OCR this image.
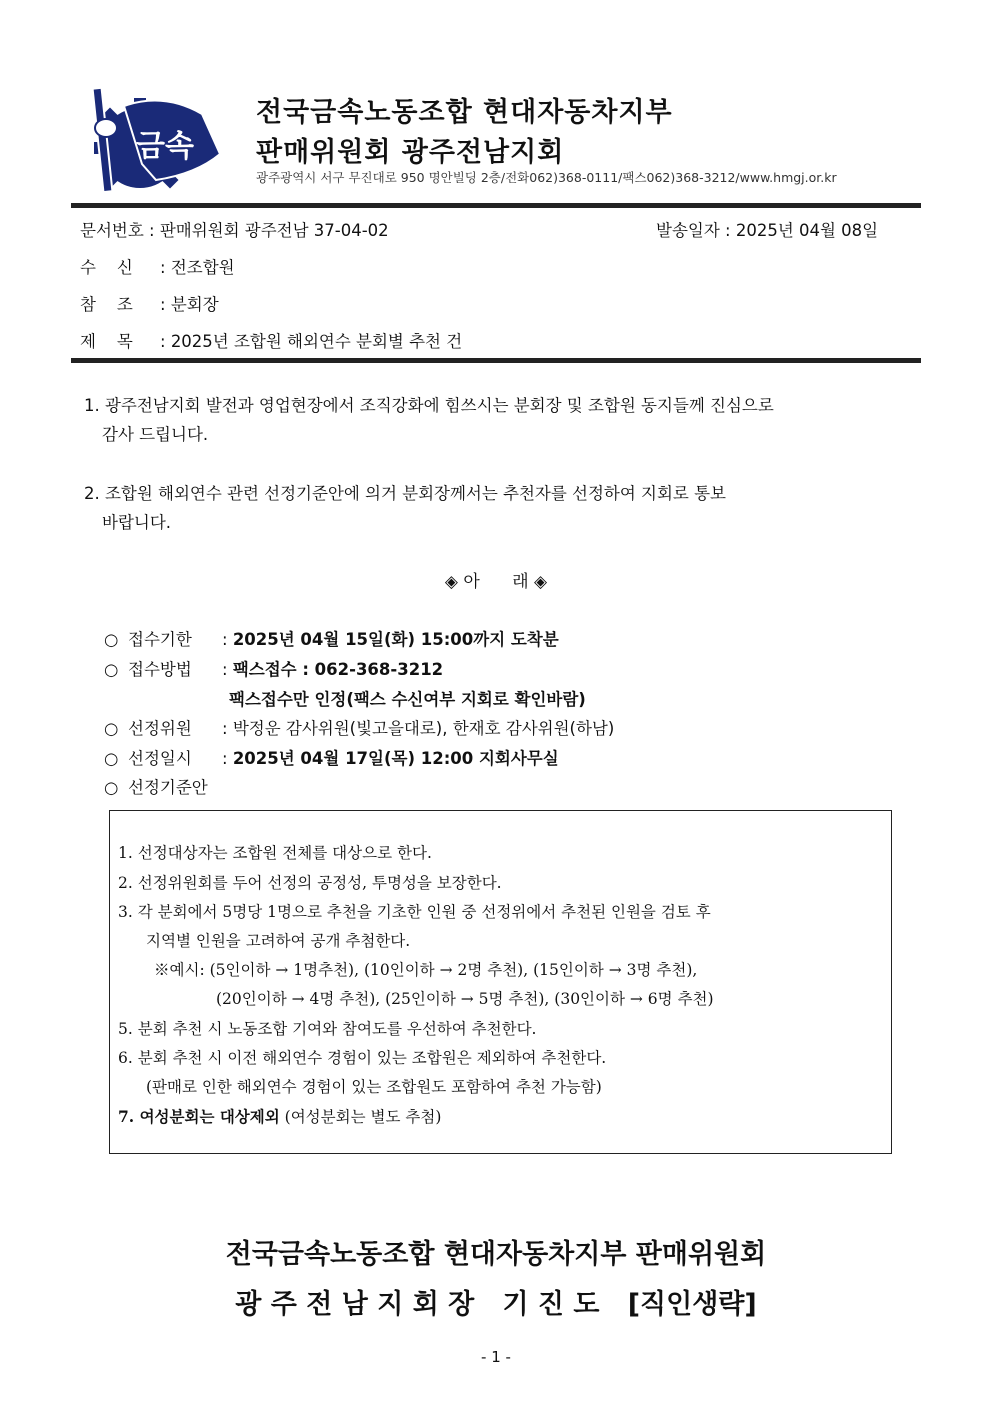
금속
전국금속노동조합 현대자동차지부
판매위원회 광주전남지회
광주광역시 서구 무진대로 950 명안빌딩 2층/전화062)368-0111/팩스062)368-3212/www.hmgj.or.kr
문서번호 : 판매위원회 광주전남 37-04-02	발송일자 : 2025년 04월 08일
수    신 : 전조합원
참    조 : 분회장
제    목 : 2025년 조합원 해외연수 분회별 추천 건
1. 광주전남지회 발전과 영업현장에서 조직강화에 힘쓰시는 분회장 및 조합원 동지들께 진심으로
감사 드립니다.
2. 조합원 해외연수 관련 선정기준안에 의거 분회장께서는 추천자를 선정하여 지회로 통보
바랍니다.
◈ 아      래 ◈
○ 접수기한 : 2025년 04월 15일(화) 15:00까지 도착분
○ 접수방법 : 팩스접수 : 062-368-3212
팩스접수만 인정(팩스 수신여부 지회로 확인바람)
○ 선정위원 : 박정운 감사위원(빛고을대로), 한재호 감사위원(하남)
○ 선정일시 : 2025년 04월 17일(목) 12:00 지회사무실
○ 선정기준안
1. 선정대상자는 조합원 전체를 대상으로 한다.
2. 선정위원회를 두어 선정의 공정성, 투명성을 보장한다.
3. 각 분회에서 5명당 1명으로 추천을 기초한 인원 중 선정위에서 추천된 인원을 검토 후
지역별 인원을 고려하여 공개 추첨한다.
※예시: (5인이하 → 1명추천), (10인이하 → 2명 추천), (15인이하 → 3명 추천),
(20인이하 → 4명 추천), (25인이하 → 5명 추천), (30인이하 → 6명 추천)
5. 분회 추천 시 노동조합 기여와 참여도를 우선하여 추천한다.
6. 분회 추천 시 이전 해외연수 경험이 있는 조합원은 제외하여 추천한다.
(판매로 인한 해외연수 경험이 있는 조합원도 포함하여 추천 가능함)
7. 여성분회는 대상제외 (여성분회는 별도 추첨)
전국금속노동조합 현대자동차지부 판매위원회
광 주 전 남 지 회 장   기 진 도   [직인생략]
- 1 -
